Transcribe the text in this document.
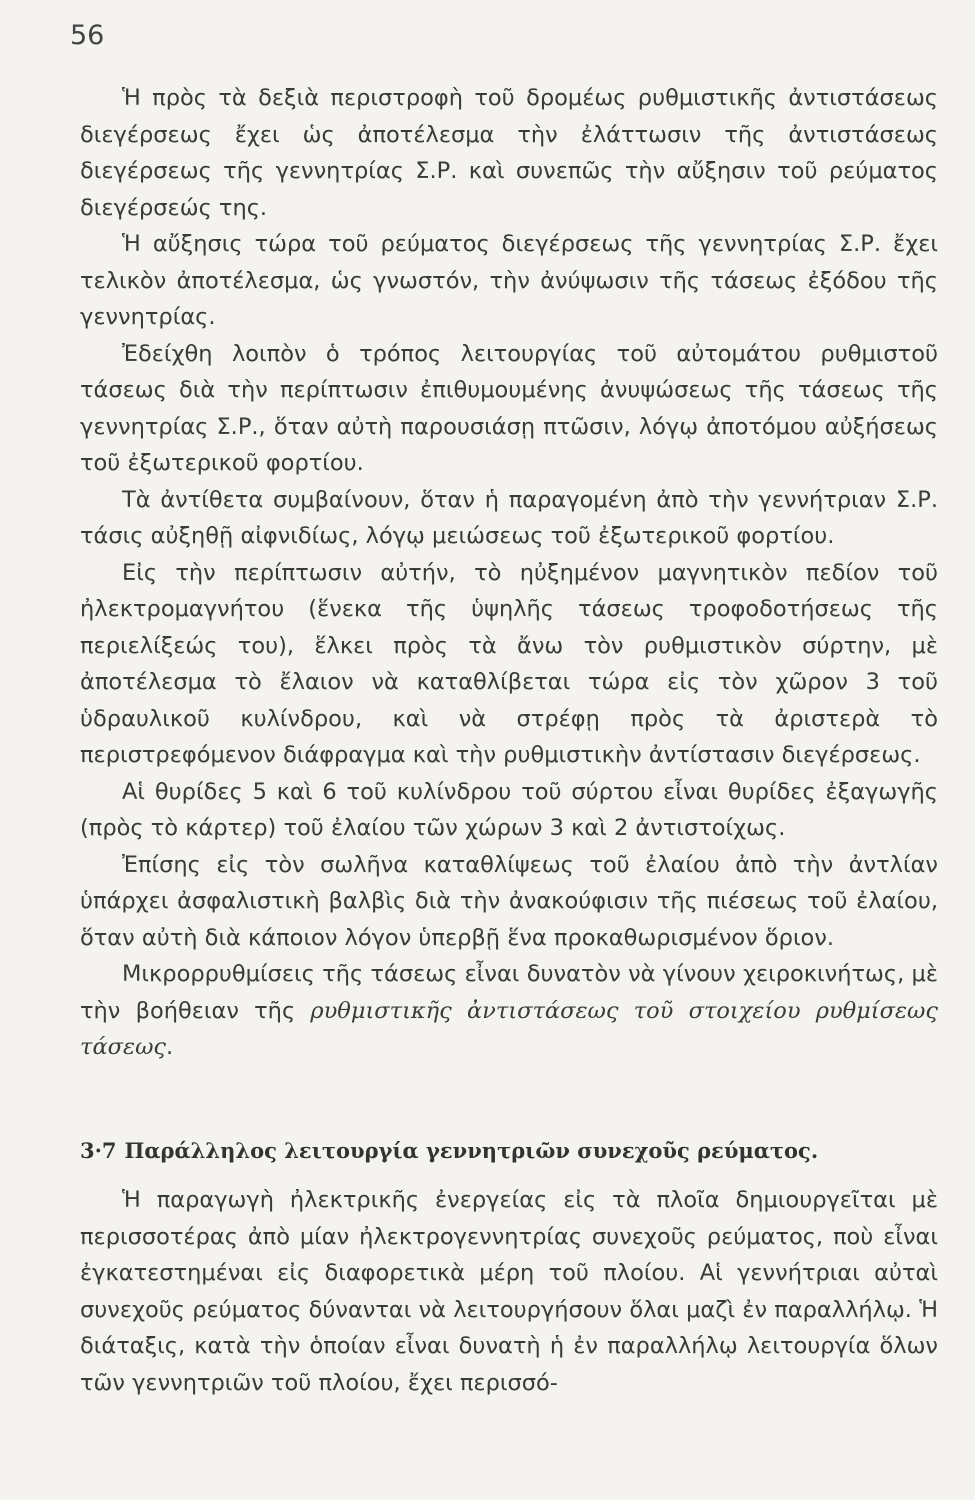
56

Ἡ πρὸς τὰ δεξιὰ περιστροφὴ τοῦ δρομέως ρυθμιστικῆς ἀντιστάσεως διεγέρσεως ἔχει ὡς ἀποτέλεσμα τὴν ἐλάττωσιν τῆς ἀντιστάσεως διεγέρσεως τῆς γεννητρίας Σ.Ρ. καὶ συνεπῶς τὴν αὔξησιν τοῦ ρεύματος διεγέρσεώς της.

Ἡ αὔξησις τώρα τοῦ ρεύματος διεγέρσεως τῆς γεννητρίας Σ.Ρ. ἔχει τελικὸν ἀποτέλεσμα, ὡς γνωστόν, τὴν ἀνύψωσιν τῆς τάσεως ἐξόδου τῆς γεννητρίας.

Ἐδείχθη λοιπὸν ὁ τρόπος λειτουργίας τοῦ αὐτομάτου ρυθμιστοῦ τάσεως διὰ τὴν περίπτωσιν ἐπιθυμουμένης ἀνυψώσεως τῆς τάσεως τῆς γεννητρίας Σ.Ρ., ὅταν αὐτὴ παρουσιάσῃ πτῶσιν, λόγῳ ἀποτόμου αὐξήσεως τοῦ ἐξωτερικοῦ φορτίου.

Τὰ ἀντίθετα συμβαίνουν, ὅταν ἡ παραγομένη ἀπὸ τὴν γεννήτριαν Σ.Ρ. τάσις αὐξηθῇ αἰφνιδίως, λόγῳ μειώσεως τοῦ ἐξωτερικοῦ φορτίου.

Εἰς τὴν περίπτωσιν αὐτήν, τὸ ηὐξημένον μαγνητικὸν πεδίον τοῦ ἠλεκτρομαγνήτου (ἕνεκα τῆς ὑψηλῆς τάσεως τροφοδοτήσεως τῆς περιελίξεώς του), ἕλκει πρὸς τὰ ἄνω τὸν ρυθμιστικὸν σύρτην, μὲ ἀποτέλεσμα τὸ ἔλαιον νὰ καταθλίβεται τώρα εἰς τὸν χῶρον 3 τοῦ ὑδραυλικοῦ κυλίνδρου, καὶ νὰ στρέφῃ πρὸς τὰ ἀριστερὰ τὸ περιστρεφόμενον διάφραγμα καὶ τὴν ρυθμιστικὴν ἀντίστασιν διεγέρσεως.

Αἱ θυρίδες 5 καὶ 6 τοῦ κυλίνδρου τοῦ σύρτου εἶναι θυρίδες ἐξαγωγῆς (πρὸς τὸ κάρτερ) τοῦ ἐλαίου τῶν χώρων 3 καὶ 2 ἀντιστοίχως.

Ἐπίσης εἰς τὸν σωλῆνα καταθλίψεως τοῦ ἐλαίου ἀπὸ τὴν ἀντλίαν ὑπάρχει ἀσφαλιστικὴ βαλβὶς διὰ τὴν ἀνακούφισιν τῆς πιέσεως τοῦ ἐλαίου, ὅταν αὐτὴ διὰ κάποιον λόγον ὑπερβῇ ἕνα προκαθωρισμένον ὅριον.

Μικρορρυθμίσεις τῆς τάσεως εἶναι δυνατὸν νὰ γίνουν χειροκινήτως, μὲ τὴν βοήθειαν τῆς ρυθμιστικῆς ἀντιστάσεως τοῦ στοιχείου ρυθμίσεως τάσεως.

3·7 Παράλληλος λειτουργία γεννητριῶν συνεχοῦς ρεύματος.

Ἡ παραγωγὴ ἠλεκτρικῆς ἐνεργείας εἰς τὰ πλοῖα δημιουργεῖται μὲ περισσοτέρας ἀπὸ μίαν ἠλεκτρογεννητρίας συνεχοῦς ρεύματος, ποὺ εἶναι ἐγκατεστημέναι εἰς διαφορετικὰ μέρη τοῦ πλοίου. Αἱ γεννήτριαι αὐταὶ συνεχοῦς ρεύματος δύνανται νὰ λειτουργήσουν ὅλαι μαζὶ ἐν παραλλήλῳ. Ἡ διάταξις, κατὰ τὴν ὁποίαν εἶναι δυνατὴ ἡ ἐν παραλλήλῳ λειτουργία ὅλων τῶν γεννητριῶν τοῦ πλοίου, ἔχει περισσό-
